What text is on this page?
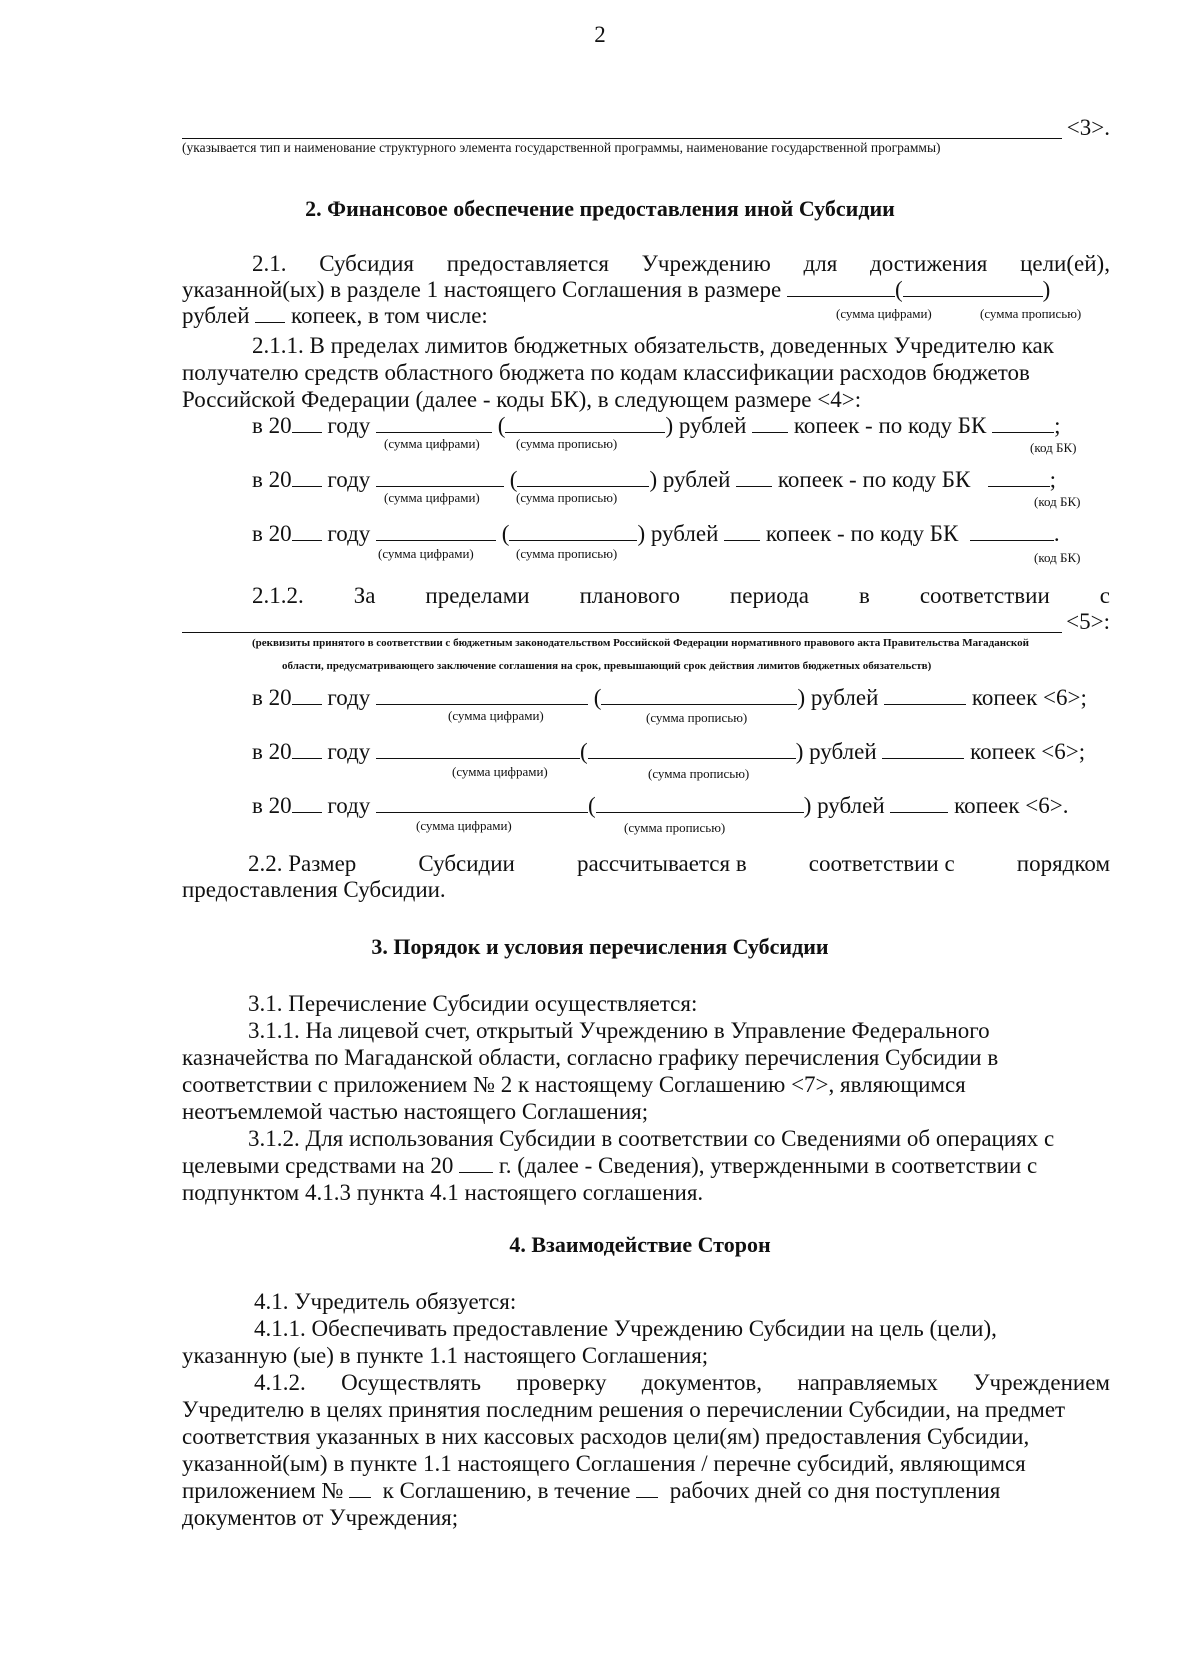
2
<3>.
(указывается тип и наименование структурного элемента государственной программы, наименование государственной программы)
2. Финансовое обеспечение предоставления иной Субсидии
2.1. Субсидия предоставляется Учреждению для достижения цели(ей),
указанной(ых) в разделе 1 настоящего Соглашения в размере	(	)
рублей копеек, в том числе:	(сумма цифрами)	(сумма прописью)
2.1.1. В пределах лимитов бюджетных обязательств, доведенных Учредителю как
получателю средств областного бюджета по кодам классификации расходов бюджетов
Российской Федерации (далее - коды БК), в следующем размере <4>:
в 20 году	(	) рублей копеек - по коду БК	;
(сумма цифрами)	(сумма прописью)	(код БК)
в 20 году	(	) рублей копеек - по коду БК	;
(сумма цифрами)	(сумма прописью)	(код БК)
в 20 году	(	) рублей копеек - по коду БК	.
(сумма цифрами)	(сумма прописью)	(код БК)
2.1.2. За пределами планового периода в соответствии с
<5>:
(реквизиты принятого в соответствии с бюджетным законодательством Российской Федерации нормативного правового акта Правительства Магаданской
области, предусматривающего заключение соглашения на срок, превышающий срок действия лимитов бюджетных обязательств)
в 20 году	(	) рублей	копеек <6>;
(сумма цифрами)	(сумма прописью)
в 20 году	(	) рублей	копеек <6>;
(сумма цифрами)	(сумма прописью)
в 20 году	(	) рублей	копеек <6>.
(сумма цифрами)	(сумма прописью)
2.2. Размер	Субсидии	рассчитывается в	соответствии с	порядком
предоставления Субсидии.
3. Порядок и условия перечисления Субсидии
3.1. Перечисление Субсидии осуществляется:
3.1.1. На лицевой счет, открытый Учреждению в Управление Федерального
казначейства по Магаданской области, согласно графику перечисления Субсидии в
соответствии с приложением № 2 к настоящему Соглашению <7>, являющимся
неотъемлемой частью настоящего Соглашения;
3.1.2. Для использования Субсидии в соответствии со Сведениями об операциях с
целевыми средствами на 20 г. (далее - Сведения), утвержденными в соответствии с
подпунктом 4.1.3 пункта 4.1 настоящего соглашения.
4. Взаимодействие Сторон
4.1. Учредитель обязуется:
4.1.1. Обеспечивать предоставление Учреждению Субсидии на цель (цели),
указанную (ые) в пункте 1.1 настоящего Соглашения;
4.1.2. Осуществлять проверку документов, направляемых Учреждением
Учредителю в целях принятия последним решения о перечислении Субсидии, на предмет
соответствия указанных в них кассовых расходов цели(ям) предоставления Субсидии,
указанной(ым) в пункте 1.1 настоящего Соглашения / перечне субсидий, являющимся
приложением № к Соглашению, в течение рабочих дней со дня поступления
документов от Учреждения;
